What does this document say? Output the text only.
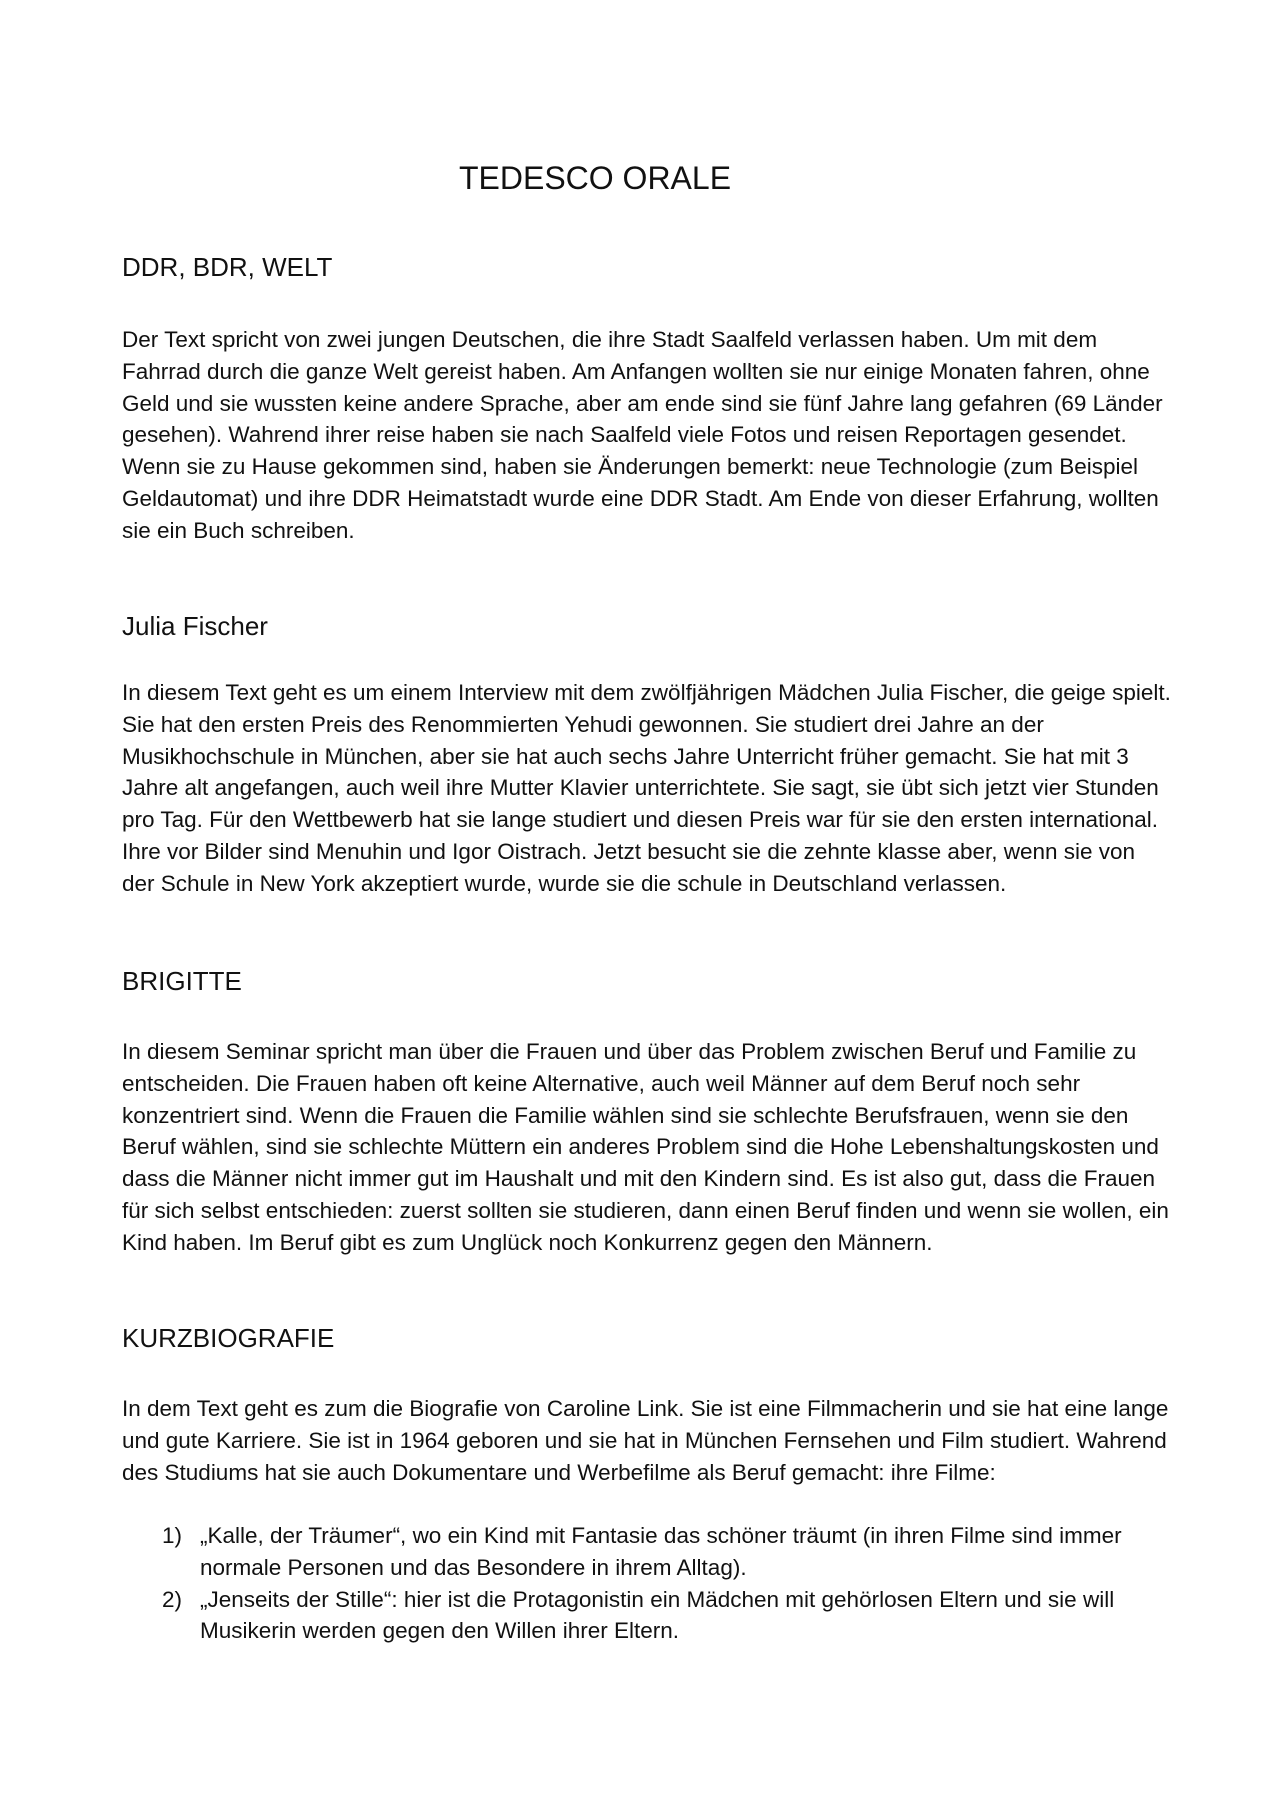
TEDESCO ORALE
DDR, BDR, WELT

Der Text spricht von zwei jungen Deutschen, die ihre Stadt Saalfeld verlassen haben. Um mit dem Fahrrad durch die ganze Welt gereist haben. Am Anfangen wollten sie nur einige Monaten fahren, ohne Geld und sie wussten keine andere Sprache, aber am ende sind sie fünf Jahre lang gefahren (69 Länder gesehen). Wahrend ihrer reise haben sie nach Saalfeld viele Fotos und reisen Reportagen gesendet. Wenn sie zu Hause gekommen sind, haben sie Änderungen bemerkt: neue Technologie (zum Beispiel Geldautomat) und ihre DDR Heimatstadt wurde eine DDR Stadt. Am Ende von dieser Erfahrung, wollten sie ein Buch schreiben.

Julia Fischer

In diesem Text geht es um einem Interview mit dem zwölfjährigen Mädchen Julia Fischer, die geige spielt. Sie hat den ersten Preis des Renommierten Yehudi gewonnen. Sie studiert drei Jahre an der Musikhochschule in München, aber sie hat auch sechs Jahre Unterricht früher gemacht. Sie hat mit 3 Jahre alt angefangen, auch weil ihre Mutter Klavier unterrichtete. Sie sagt, sie übt sich jetzt vier Stunden pro Tag. Für den Wettbewerb hat sie lange studiert und diesen Preis war für sie den ersten international. Ihre vor Bilder sind Menuhin und Igor Oistrach. Jetzt besucht sie die zehnte klasse aber, wenn sie von der Schule in New York akzeptiert wurde, wurde sie die schule in Deutschland verlassen.

BRIGITTE

In diesem Seminar spricht man über die Frauen und über das Problem zwischen Beruf und Familie zu entscheiden. Die Frauen haben oft keine Alternative, auch weil Männer auf dem Beruf noch sehr konzentriert sind. Wenn die Frauen die Familie wählen sind sie schlechte Berufsfrauen, wenn sie den Beruf wählen, sind sie schlechte Müttern ein anderes Problem sind die Hohe Lebenshaltungskosten und dass die Männer nicht immer gut im Haushalt und mit den Kindern sind. Es ist also gut, dass die Frauen für sich selbst entschieden: zuerst sollten sie studieren, dann einen Beruf finden und wenn sie wollen, ein Kind haben. Im Beruf gibt es zum Unglück noch Konkurrenz gegen den Männern.

KURZBIOGRAFIE

In dem Text geht es zum die Biografie von Caroline Link. Sie ist eine Filmmacherin und sie hat eine lange und gute Karriere. Sie ist in 1964 geboren und sie hat in München Fernsehen und Film studiert. Wahrend des Studiums hat sie auch Dokumentare und Werbefilme als Beruf gemacht: ihre Filme:

1) „Kalle, der Träumer“, wo ein Kind mit Fantasie das schöner träumt (in ihren Filme sind immer normale Personen und das Besondere in ihrem Alltag).
2) „Jenseits der Stille“: hier ist die Protagonistin ein Mädchen mit gehörlosen Eltern und sie will Musikerin werden gegen den Willen ihrer Eltern.
